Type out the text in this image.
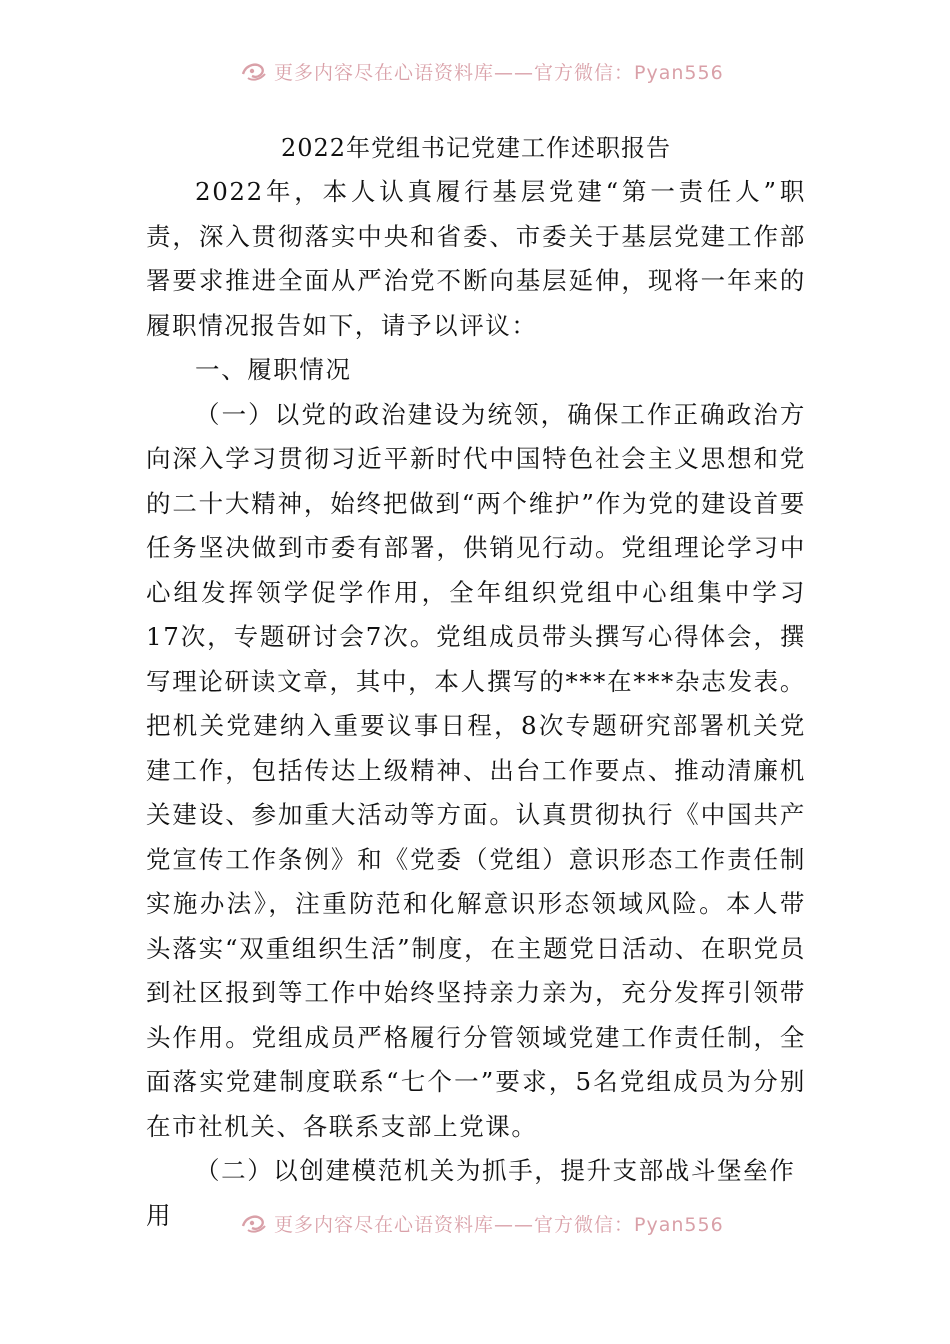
更多内容尽在心语资料库——官方微信：Pyan556
2022年党组书记党建工作述职报告

2022年，本人认真履行基层党建“第一责任人”职责，深入贯彻落实中央和省委、市委关于基层党建工作部署要求推进全面从严治党不断向基层延伸，现将一年来的履职情况报告如下，请予以评议：

一、履职情况

（一）以党的政治建设为统领，确保工作正确政治方向深入学习贯彻习近平新时代中国特色社会主义思想和党的二十大精神，始终把做到“两个维护”作为党的建设首要任务坚决做到市委有部署，供销见行动。党组理论学习中心组发挥领学促学作用，全年组织党组中心组集中学习17次，专题研讨会7次。党组成员带头撰写心得体会，撰写理论研读文章，其中，本人撰写的***在***杂志发表。把机关党建纳入重要议事日程，8次专题研究部署机关党建工作，包括传达上级精神、出台工作要点、推动清廉机关建设、参加重大活动等方面。认真贯彻执行《中国共产党宣传工作条例》和《党委（党组）意识形态工作责任制实施办法》，注重防范和化解意识形态领域风险。本人带头落实“双重组织生活”制度，在主题党日活动、在职党员到社区报到等工作中始终坚持亲力亲为，充分发挥引领带头作用。党组成员严格履行分管领域党建工作责任制，全面落实党建制度联系“七个一”要求，5名党组成员为分别在市社机关、各联系支部上党课。

（二）以创建模范机关为抓手，提升支部战斗堡垒作用	更多内容尽在心语资料库——官方微信：Pyan556
